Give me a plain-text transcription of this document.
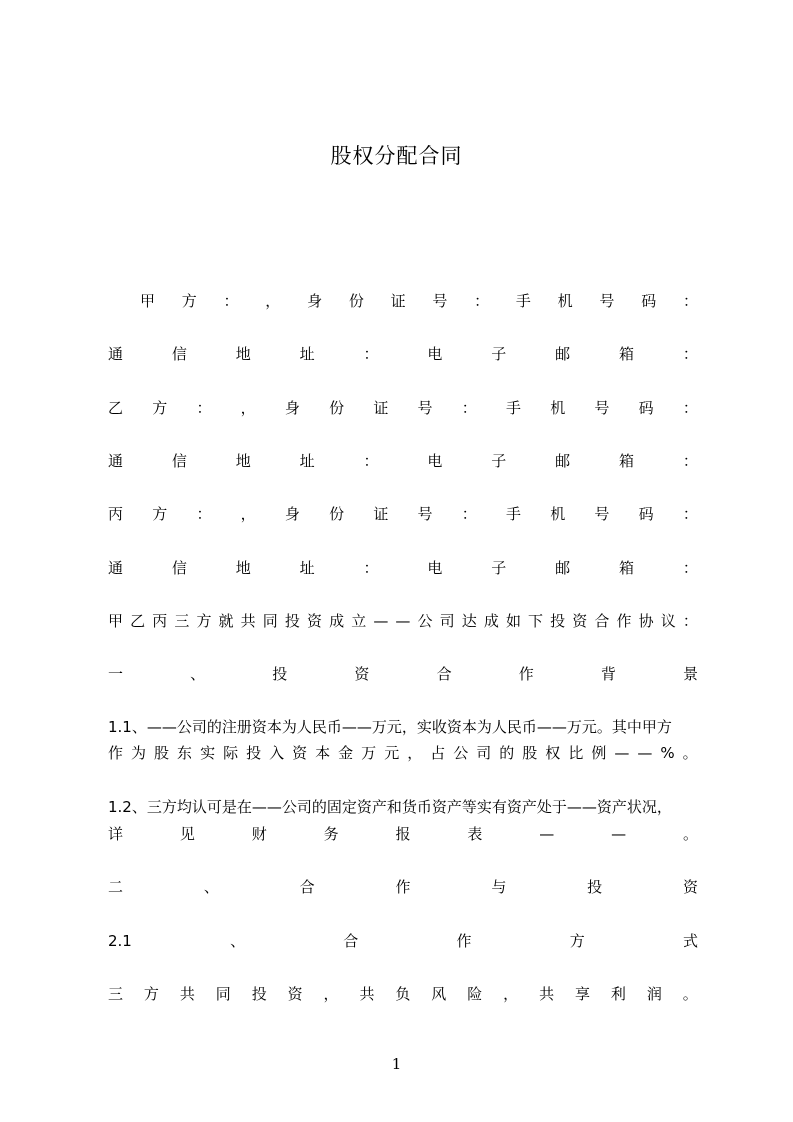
股权分配合同
甲 方 ： ， 身 份 证 号 ： 手 机 号 码 ：
通	信	地	址	：	电	子	邮	箱	：
乙 方 ： ， 身 份 证 号 ： 手 机 号 码 ：
通	信	地	址	：	电	子	邮	箱	：
丙 方 ： ， 身 份 证 号 ： 手 机 号 码 ：
通	信	地	址	：	电	子	邮	箱	：
甲 乙 丙 三 方 就 共 同 投 资 成 立 — — 公 司 达 成 如 下 投 资 合 作 协 议 ：
一	、	投	资	合	作	背	景
1.1、——公司的注册资本为人民币——万元，实收资本为人民币——万元。其中甲方
作 为 股 东 实 际 投 入 资 本 金 万 元 ， 占 公 司 的 股 权 比 例 — — % 。
1.2、三方均认可是在——公司的固定资产和货币资产等实有资产处于——资产状况，
详	见	财	务	报	表	—	—	。
二	、	合	作	与	投	资
2.1	、	合	作	方	式
三 方 共 同 投 资 ， 共 负 风 险 ， 共 享 利 润 。
1
